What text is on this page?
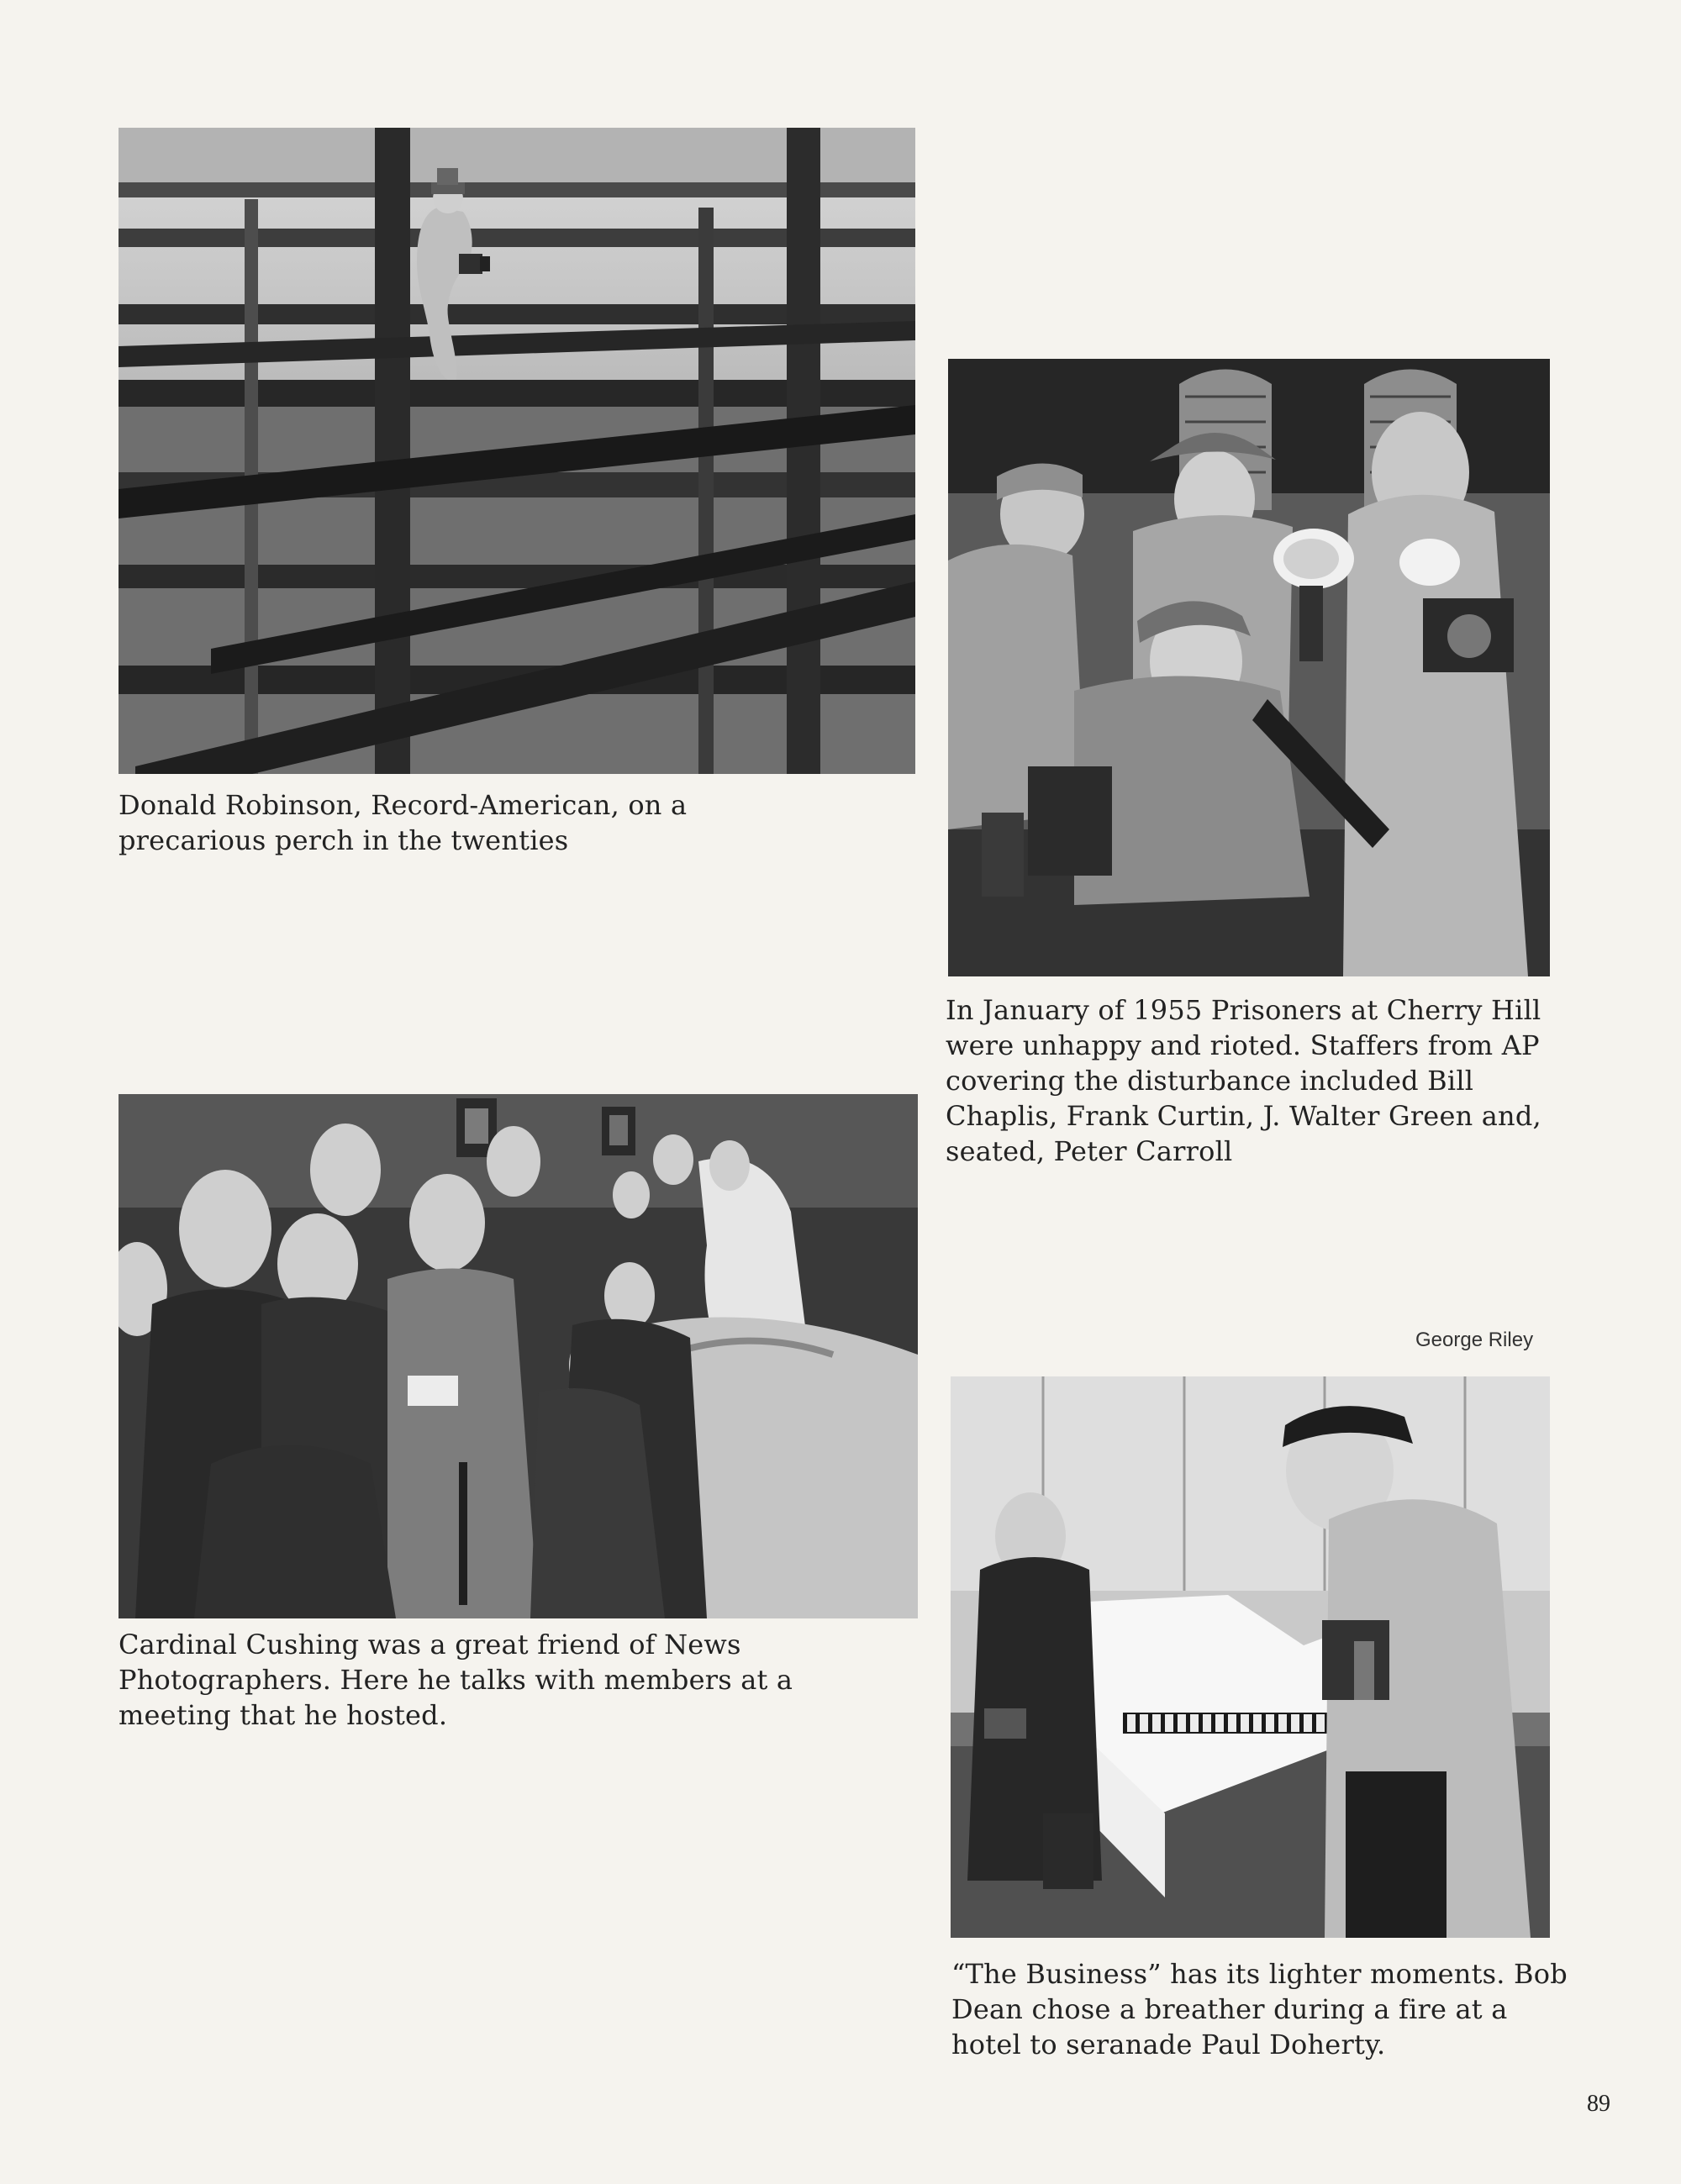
Donald Robinson, Record-American, on a precarious perch in the twenties
In January of 1955 Prisoners at Cherry Hill were unhappy and rioted. Staffers from AP covering the disturbance included Bill Chaplis, Frank Curtin, J. Walter Green and, seated, Peter Carroll
Cardinal Cushing was a great friend of News Photographers. Here he talks with members at a meeting that he hosted.
George Riley
“The Business” has its lighter moments. Bob Dean chose a breather during a fire at a hotel to seranade Paul Doherty.
89
